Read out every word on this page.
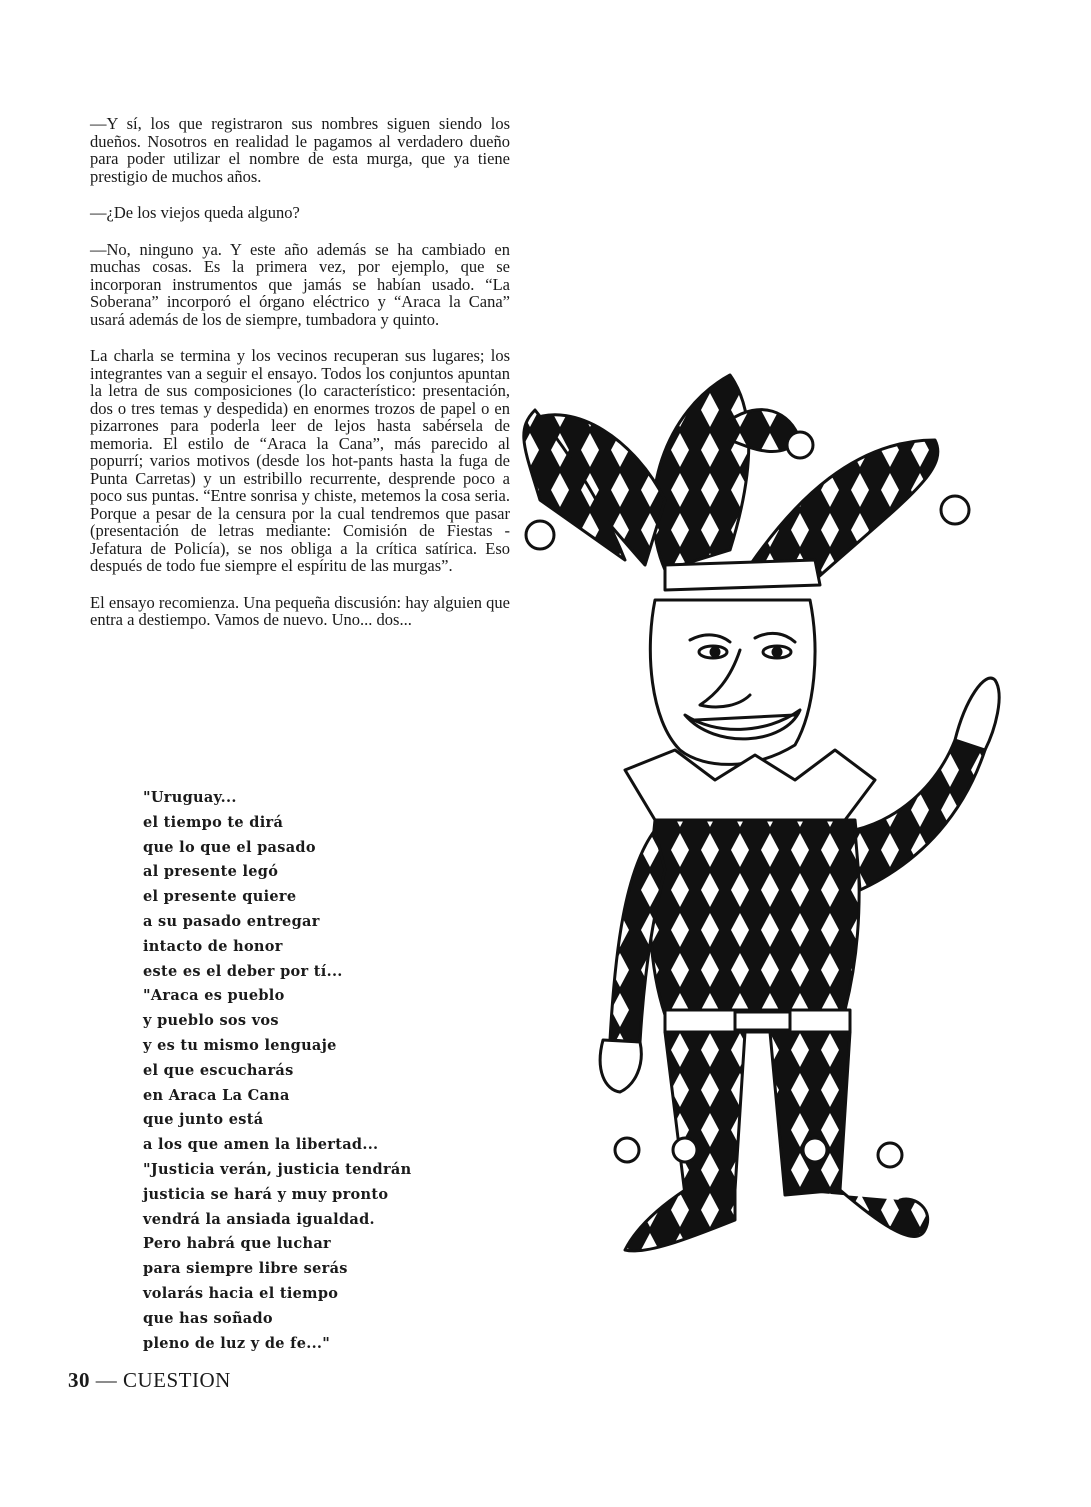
—Y sí, los que registraron sus nombres siguen siendo los dueños. Nosotros en realidad le pagamos al verdadero dueño para poder utilizar el nombre de esta murga, que ya tiene prestigio de muchos años.

—¿De los viejos queda alguno?

—No, ninguno ya. Y este año además se ha cambiado en muchas cosas. Es la primera vez, por ejemplo, que se incorporan instrumentos que jamás se habían usado. “La Soberana” incorporó el órgano eléctrico y “Araca la Cana” usará además de los de siempre, tumbadora y quinto.

La charla se termina y los vecinos recuperan sus lugares; los integrantes van a seguir el ensayo. Todos los conjuntos apuntan la letra de sus composiciones (lo característico: presentación, dos o tres temas y despedida) en enormes trozos de papel o en pizarrones para poderla leer de lejos hasta sabérsela de memoria. El estilo de “Araca la Cana”, más parecido al popurrí; varios motivos (desde los hot-pants hasta la fuga de Punta Carretas) y un estribillo recurrente, desprende poco a poco sus puntas. “Entre sonrisa y chiste, metemos la cosa seria. Porque a pesar de la censura por la cual tendremos que pasar (presentación de letras mediante: Comisión de Fiestas - Jefatura de Policía), se nos obliga a la crítica satírica. Eso después de todo fue siempre el espíritu de las murgas”.

El ensayo recomienza. Una pequeña discusión: hay alguien que entra a destiempo. Vamos de nuevo. Uno... dos...

"Uruguay...
el tiempo te dirá
que lo que el pasado
al presente legó
el presente quiere
a su pasado entregar
intacto de honor
este es el deber por tí...
"Araca es pueblo
y pueblo sos vos
y es tu mismo lenguaje
el que escucharás
en Araca La Cana
que junto está
a los que amen la libertad...
"Justicia verán, justicia tendrán
justicia se hará y muy pronto
vendrá la ansiada igualdad.
Pero habrá que luchar
para siempre libre serás
volarás hacia el tiempo
que has soñado
pleno de luz y de fe..."
30 — CUESTION
